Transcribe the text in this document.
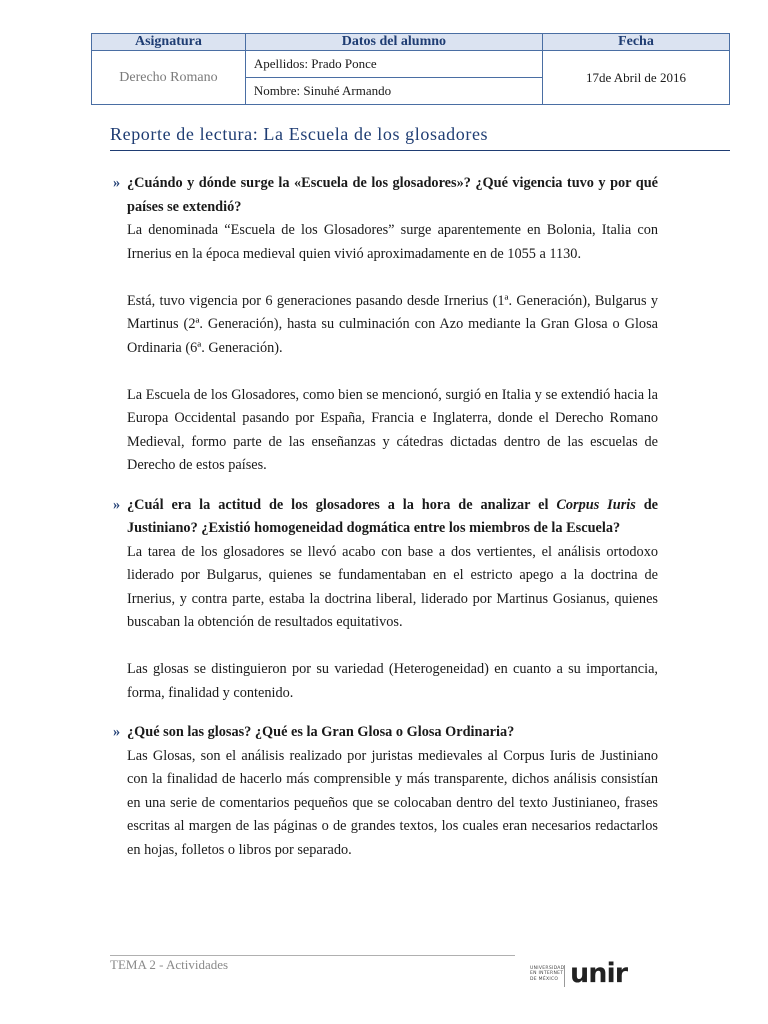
Asignatura	Datos del alumno	Fecha
Derecho Romano	Apellidos: Prado Ponce	17de Abril de 2016
	Nombre: Sinuhé Armando	
Reporte de lectura: La Escuela de los glosadores

» ¿Cuándo y dónde surge la «Escuela de los glosadores»? ¿Qué vigencia tuvo y por qué países se extendió?

La denominada “Escuela de los Glosadores” surge aparentemente en Bolonia, Italia con Irnerius en la época medieval quien vivió aproximadamente en de 1055 a 1130.

Está, tuvo vigencia por 6 generaciones pasando desde Irnerius (1ª. Generación), Bulgarus y Martinus (2ª. Generación), hasta su culminación con Azo mediante la Gran Glosa o Glosa Ordinaria (6ª. Generación).

La Escuela de los Glosadores, como bien se mencionó, surgió en Italia y se extendió hacia la Europa Occidental pasando por España, Francia e Inglaterra, donde el Derecho Romano Medieval, formo parte de las enseñanzas y cátedras dictadas dentro de las escuelas de Derecho de estos países.

» ¿Cuál era la actitud de los glosadores a la hora de analizar el Corpus Iuris de Justiniano? ¿Existió homogeneidad dogmática entre los miembros de la Escuela?

La tarea de los glosadores se llevó acabo con base a dos vertientes, el análisis ortodoxo liderado por Bulgarus, quienes se fundamentaban en el estricto apego a la doctrina de Irnerius, y contra parte, estaba la doctrina liberal, liderado por Martinus Gosianus, quienes buscaban la obtención de resultados equitativos.

Las glosas se distinguieron por su variedad (Heterogeneidad) en cuanto a su importancia, forma, finalidad y contenido.

» ¿Qué son las glosas? ¿Qué es la Gran Glosa o Glosa Ordinaria?

Las Glosas, son el análisis realizado por juristas medievales al Corpus Iuris de Justiniano con la finalidad de hacerlo más comprensible y más transparente, dichos análisis consistían en una serie de comentarios pequeños que se colocaban dentro del texto Justinianeo, frases escritas al margen de las páginas o de grandes textos, los cuales eran necesarios redactarlos en hojas, folletos o libros por separado.

TEMA 2 - Actividades	UNIVERSIDAD
EN INTERNET
DE MÉXICO unir
